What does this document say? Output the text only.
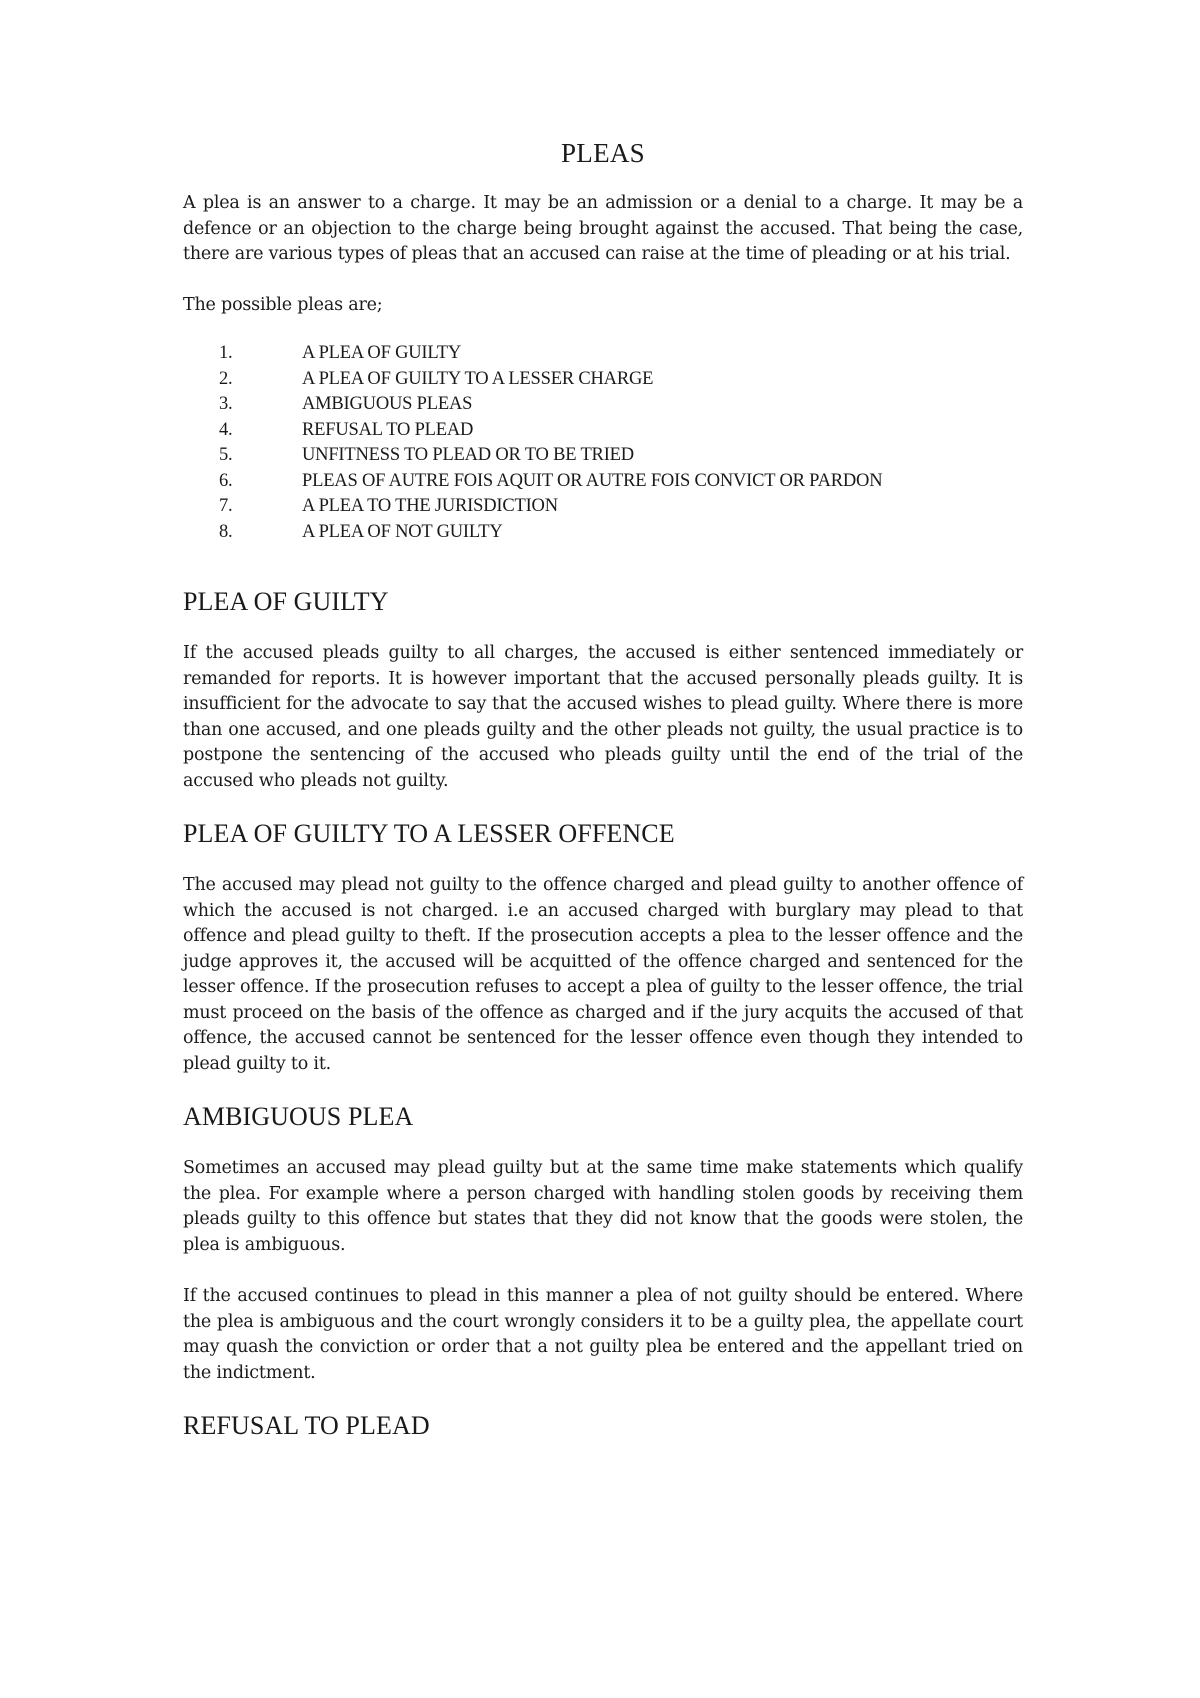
PLEAS

A plea is an answer to a charge. It may be an admission or a denial to a charge. It may be a defence or an objection to the charge being brought against the accused. That being the case, there are various types of pleas that an accused can raise at the time of pleading or at his trial.

The possible pleas are;

1.	A PLEA OF GUILTY
2.	A PLEA OF GUILTY TO A LESSER CHARGE
3.	AMBIGUOUS PLEAS
4.	REFUSAL TO PLEAD
5.	UNFITNESS TO PLEAD OR TO BE TRIED
6.	PLEAS OF AUTRE FOIS AQUIT OR AUTRE FOIS CONVICT OR PARDON
7.	A PLEA TO THE JURISDICTION
8.	A PLEA OF NOT GUILTY
PLEA OF GUILTY

If the accused pleads guilty to all charges, the accused is either sentenced immediately or remanded for reports. It is however important that the accused personally pleads guilty. It is insufficient for the advocate to say that the accused wishes to plead guilty. Where there is more than one accused, and one pleads guilty and the other pleads not guilty, the usual practice is to postpone the sentencing of the accused who pleads guilty until the end of the trial of the accused who pleads not guilty.

PLEA OF GUILTY TO A LESSER OFFENCE

The accused may plead not guilty to the offence charged and plead guilty to another offence of which the accused is not charged. i.e an accused charged with burglary may plead to that offence and plead guilty to theft. If the prosecution accepts a plea to the lesser offence and the judge approves it, the accused will be acquitted of the offence charged and sentenced for the lesser offence. If the prosecution refuses to accept a plea of guilty to the lesser offence, the trial must proceed on the basis of the offence as charged and if the jury acquits the accused of that offence, the accused cannot be sentenced for the lesser offence even though they intended to plead guilty to it.

AMBIGUOUS PLEA

Sometimes an accused may plead guilty but at the same time make statements which qualify the plea. For example where a person charged with handling stolen goods by receiving them pleads guilty to this offence but states that they did not know that the goods were stolen, the plea is ambiguous.

If the accused continues to plead in this manner a plea of not guilty should be entered. Where the plea is ambiguous and the court wrongly considers it to be a guilty plea, the appellate court may quash the conviction or order that a not guilty plea be entered and the appellant tried on the indictment.

REFUSAL TO PLEAD
